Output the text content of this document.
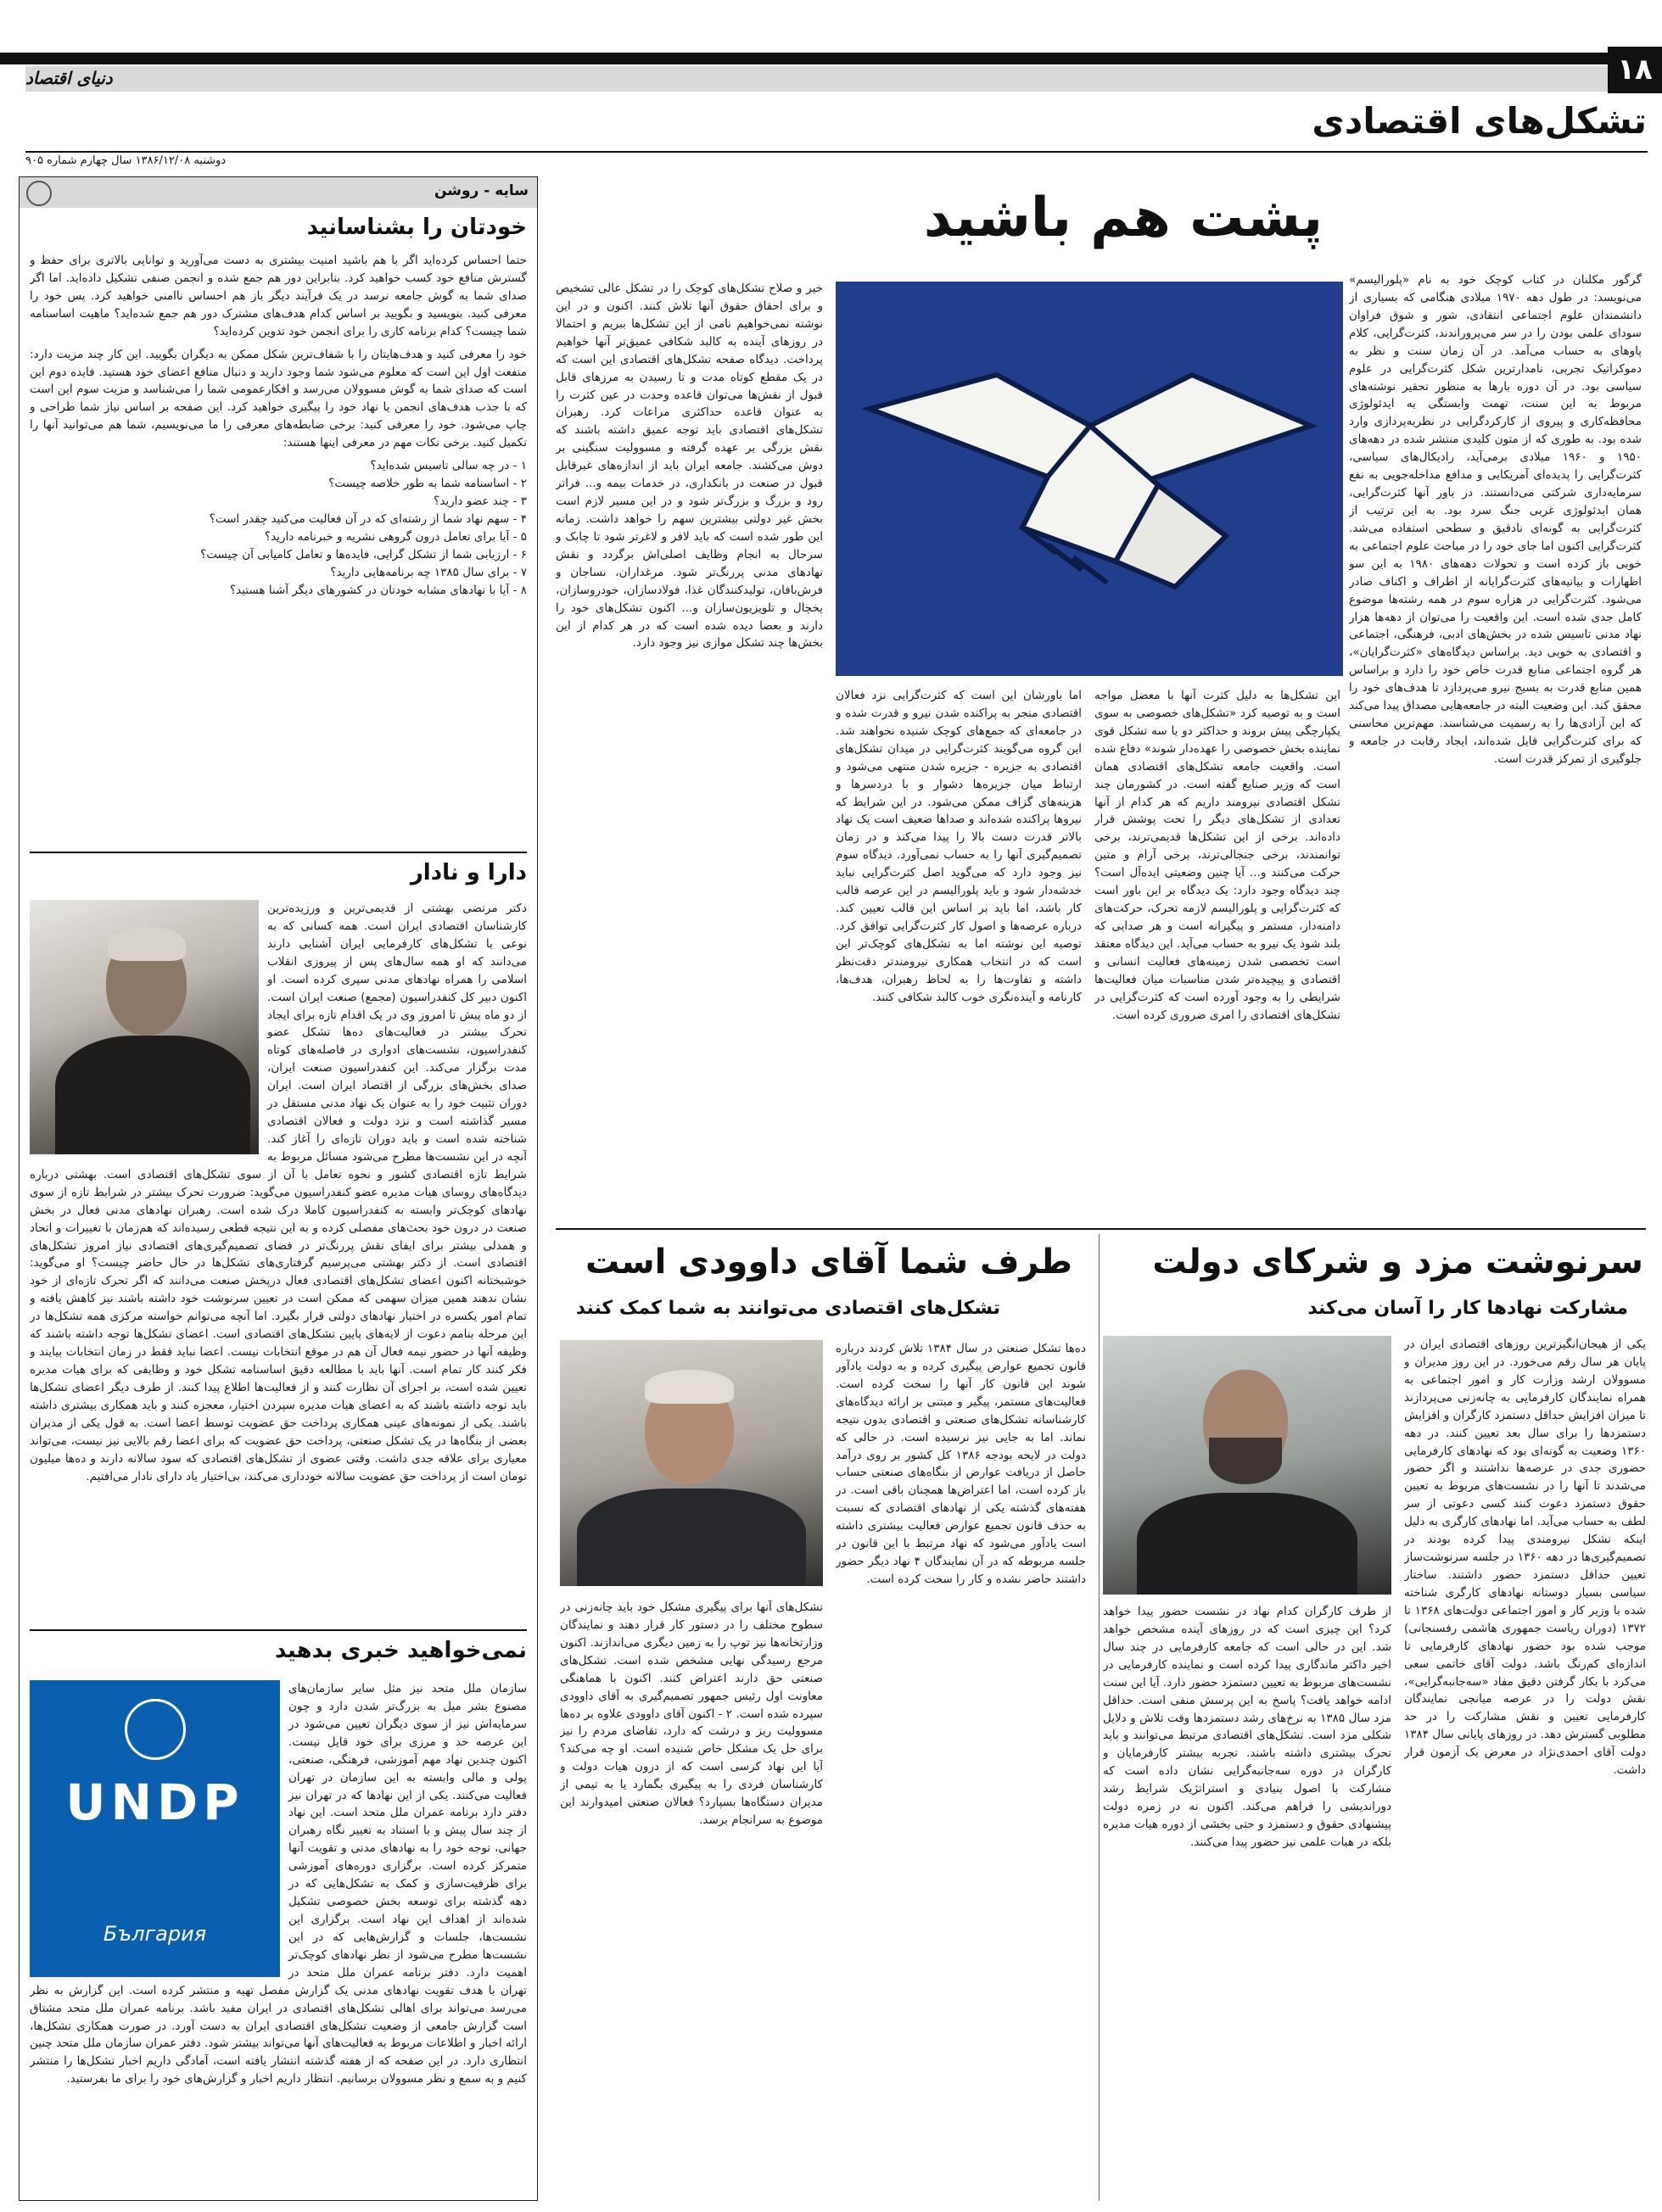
۱۸
دنیای اقتصاد
تشکل‌های اقتصادی
دوشنبه ۱۳۸۶/۱۲/۰۸ سال چهارم شماره ۹۰۵
سایه - روشن
خودتان را بشناسانید

حتما احساس کرده‌اید اگر با هم باشید امنیت بیشتری به دست می‌آورید و توانایی بالاتری برای حفظ و گسترش منافع خود کسب خواهید کرد. بنابراین دور هم جمع شده و انجمن صنفی تشکیل داده‌اید. اما اگر صدای شما به گوش جامعه نرسد در یک فرآیند دیگر باز هم احساس ناامنی خواهید کرد. پس خود را معرفی کنید. بنویسید و بگویید بر اساس کدام هدف‌های مشترک دور هم جمع شده‌اید؟ ماهیت اساسنامه شما چیست؟ کدام برنامه کاری را برای انجمن خود تدوین کرده‌اید؟

خود را معرفی کنید و هدف‌هایتان را با شفاف‌ترین شکل ممکن به دیگران بگویید. این کار چند مزیت دارد: منفعت اول این است که معلوم می‌شود شما وجود دارید و دنبال منافع اعضای خود هستید. فایده دوم این است که صدای شما به گوش مسوولان می‌رسد و افکارعمومی شما را می‌شناسد و مزیت سوم این است که با جذب هدف‌های انجمن یا نهاد خود را پیگیری خواهید کرد. این صفحه بر اساس نیاز شما طراحی و چاپ می‌شود. خود را معرفی کنید: برخی ضابطه‌های معرفی را ما می‌نویسیم، شما هم می‌توانید آنها را تکمیل کنید. برخی نکات مهم در معرفی اینها هستند:

۱ - در چه سالی تاسیس شده‌اید؟
۲ - اساسنامه شما به طور خلاصه چیست؟
۳ - چند عضو دارید؟
۴ - سهم نهاد شما از رشته‌ای که در آن فعالیت می‌کنید چقدر است؟
۵ - آیا برای تعامل درون گروهی نشریه و خبرنامه دارید؟
۶ - ارزیابی شما از تشکل گرایی، فایده‌ها و تعامل کامیابی آن چیست؟
۷ - برای سال ۱۳۸۵ چه برنامه‌هایی دارید؟
۸ - آیا با نهادهای مشابه خودتان در کشورهای دیگر آشنا هستید؟
دارا و نادار

دکتر مرتضی بهشتی از قدیمی‌ترین و ورزیده‌ترین کارشناسان اقتصادی ایران است. همه کسانی که به نوعی با تشکل‌های کارفرمایی ایران آشنایی دارند می‌دانند که او همه سال‌های پس از پیروزی انقلاب اسلامی را همراه نهادهای مدنی سپری کرده است. او اکنون دبیر کل کنفدراسیون (مجمع) صنعت ایران است. از دو ماه پیش تا امروز وی در یک اقدام تازه برای ایجاد تحرک بیشتر در فعالیت‌های ده‌ها تشکل عضو کنفدراسیون، نشست‌های ادواری در فاصله‌های کوتاه مدت برگزار می‌کند. این کنفدراسیون صنعت ایران، صدای بخش‌های بزرگی از اقتصاد ایران است. ایران دوران تثبیت خود را به عنوان یک نهاد مدنی مستقل در مسیر گذاشته است و نزد دولت و فعالان اقتصادی شناخته شده است و باید دوران تازه‌ای را آغاز کند. آنچه در این نشست‌ها مطرح می‌شود مسائل مربوط به شرایط تازه اقتصادی کشور و نحوه تعامل با آن از سوی تشکل‌های اقتصادی است. بهشتی درباره دیدگاه‌های روسای هیات مدیره عضو کنفدراسیون می‌گوید: ضرورت تحرک بیشتر در شرایط تازه از سوی نهادهای کوچک‌تر وابسته به کنفدراسیون کاملا درک شده است. رهبران نهادهای مدنی فعال در بخش صنعت در درون خود بحث‌های مفصلی کرده و به این نتیجه قطعی رسیده‌اند که هم‌زمان با تغییرات و اتحاد و همدلی بیشتر برای ایفای نقش پررنگ‌تر در فضای تصمیم‌گیری‌های اقتصادی نیاز امروز تشکل‌های اقتصادی است. از دکتر بهشتی می‌پرسیم گرفتاری‌های تشکل‌ها در حال حاضر چیست؟ او می‌گوید: خوشبختانه اکنون اعضای تشکل‌های اقتصادی فعال درپخش صنعت می‌دانند که اگر تحرک تازه‌ای از خود نشان ندهند همین میزان سهمی که ممکن است در تعیین سرنوشت خود داشته باشند نیز کاهش یافته و تمام امور یکسره در اختیار نهادهای دولتی قرار بگیرد. اما آنچه می‌توانم خواسته مرکزی همه تشکل‌ها در این مرحله بنامم دعوت از لایه‌های پایین تشکل‌های اقتصادی است. اعضای تشکل‌ها توجه داشته باشند که وظیفه آنها در حضور نیمه فعال آن هم در موقع انتخابات نیست. اعضا نباید فقط در زمان انتخابات بیایند و فکر کنند کار تمام است. آنها باید با مطالعه دقیق اساسنامه تشکل خود و وظایفی که برای هیات مدیره تعیین شده است، بر اجرای آن نظارت کنند و از فعالیت‌ها اطلاع پیدا کنند. از طرف دیگر اعضای تشکل‌ها باید توجه داشته باشند که به اعضای هیات مدیره سپردن اختیار، معجزه کنند و باید همکاری بیشتری داشته باشند. یکی از نمونه‌های عینی همکاری پرداخت حق عضویت توسط اعضا است. به قول یکی از مدیران بعضی از بنگاه‌ها در یک تشکل صنعتی، پرداخت حق عضویت که برای اعضا رقم بالایی نیز نیست، می‌تواند معیاری برای علاقه جدی داشت. وقتی عضوی از تشکل‌های اقتصادی که سود سالانه دارند و ده‌ها میلیون تومان است از پرداخت حق عضویت سالانه خودداری می‌کند، بی‌اختیار یاد دارای نادار می‌افتیم.

نمی‌خواهید خبری بدهید
UNDP
България

سازمان ملل متحد نیز مثل سایر سازمان‌های مصنوع بشر میل به بزرگ‌تر شدن دارد و چون سرمایه‌اش نیز از سوی دیگران تعیین می‌شود در این عرصه حد و مرزی برای خود قایل نیست. اکنون چندین نهاد مهم آموزشی، فرهنگی، صنعتی، پولی و مالی وابسته به این سازمان در تهران فعالیت می‌کنند. یکی از این نهادها که در تهران نیز دفتر دارد برنامه عمران ملل متحد است. این نهاد از چند سال پیش و با استناد به تغییر نگاه رهبران جهانی، توجه خود را به نهادهای مدنی و تقویت آنها متمرکز کرده است. برگزاری دوره‌های آموزشی برای ظرفیت‌سازی و کمک به تشکل‌هایی که در دهه گذشته برای توسعه بخش خصوصی تشکیل شده‌اند از اهداف این نهاد است. برگزاری این نشست‌ها، جلسات و گزارش‌هایی که در این نشست‌ها مطرح می‌شود از نظر نهادهای کوچک‌تر اهمیت دارد. دفتر برنامه عمران ملل متحد در تهران با هدف تقویت نهادهای مدنی یک گزارش مفصل تهیه و منتشر کرده است. این گزارش به نظر می‌رسد می‌تواند برای اهالی تشکل‌های اقتصادی در ایران مفید باشد. برنامه عمران ملل متحد مشتاق است گزارش جامعی از وضعیت تشکل‌های اقتصادی ایران به دست آورد. در صورت همکاری تشکل‌ها، ارائه اخبار و اطلاعات مربوط به فعالیت‌های آنها می‌تواند بیشتر شود. دفتر عمران سازمان ملل متحد چنین انتظاری دارد. در این صفحه که از هفته گذشته انتشار یافته است، آمادگی داریم اخبار تشکل‌ها را منتشر کنیم و به سمع و نظر مسوولان برسانیم. انتظار داریم اخبار و گزارش‌های خود را برای ما بفرستید.

پشت هم باشید
گرگور مکلنان در کتاب کوچک خود به نام «پلورالیسم» می‌نویسد: در طول دهه ۱۹۷۰ میلادی هنگامی که بسیاری از دانشمندان علوم اجتماعی انتقادی، شور و شوق فراوان سودای علمی بودن را در سر می‌پروراندند، کثرت‌گرایی، کلام پاوهای به حساب می‌آمد. در آن زمان سنت و نظر به دموکراتیک تجربی، نامدارترین شکل کثرت‌گرایی در علوم سیاسی بود. در آن دوره بارها به منظور تحقیر نوشته‌های مربوط به این سنت، تهمت وابستگی به ایدئولوژی محافظه‌کاری و پیروی از کارکردگرایی در نظریه‌پردازی وارد شده بود. به طوری که از متون کلیدی منتشر شده در دهه‌های ۱۹۵۰ و ۱۹۶۰ میلادی برمی‌آید، رادیکال‌های سیاسی، کثرت‌گرایی را پدیده‌ای آمریکایی و مدافع مداخله‌جویی به نفع سرمایه‌داری شرکتی می‌دانستند. در باور آنها کثرت‌گرایی، همان ایدئولوژی غربی جنگ سرد بود. به این ترتیب از کثرت‌گرایی به گونه‌ای نادقیق و سطحی استفاده می‌شد. کثرت‌گرایی اکنون اما جای خود را در مباحث علوم اجتماعی به خوبی باز کرده است و تحولات دهه‌های ۱۹۸۰ به این سو اظهارات و بیانیه‌های کثرت‌گرایانه از اطراف و اکناف صادر می‌شود. کثرت‌گرایی در هزاره سوم در همه رشته‌ها موضوع کامل جدی شده است. این واقعیت را می‌توان از دهه‌ها هزار نهاد مدنی تاسیس شده در بخش‌های ادبی، فرهنگی، اجتماعی و اقتصادی به خوبی دید. براساس دیدگاه‌های «کثرت‌گرایان»، هر گروه اجتماعی منابع قدرت خاص خود را دارد و براساس همین منابع قدرت به بسیج نیرو می‌پردازد تا هدف‌های خود را محقق کند. این وضعیت البته در جامعه‌هایی مصداق پیدا می‌کند که این آزادی‌ها را به رسمیت می‌شناسند. مهم‌ترین محاسنی که برای کثرت‌گرایی قایل شده‌اند، ایجاد رقابت در جامعه و جلوگیری از تمرکز قدرت است.
این تشکل‌ها به دلیل کثرت آنها با معضل مواجه است و به توصیه کرد «تشکل‌های خصوصی به سوی یکپارچگی پیش بروند و حداکثر دو یا سه تشکل قوی نماینده بخش خصوصی را عهده‌دار شوند» دفاع شده است. واقعیت جامعه تشکل‌های اقتصادی همان است که وزیر صنایع گفته است. در کشورمان چند تشکل اقتصادی نیرومند داریم که هر کدام از آنها تعدادی از تشکل‌های دیگر را تحت پوشش قرار داده‌اند. برخی از این تشکل‌ها قدیمی‌ترند، برخی توانمندند، برخی جنجالی‌ترند، برخی آرام و متین حرکت می‌کنند و... آیا چنین وضعیتی ایده‌آل است؟ چند دیدگاه وجود دارد: یک دیدگاه بر این باور است که کثرت‌گرایی و پلورالیسم لازمه تحرک، حرکت‌های دامنه‌دار، مستمر و پیگیرانه است و هر صدایی که بلند شود یک نیرو به حساب می‌آید. این دیدگاه معتقد است تخصصی شدن زمینه‌های فعالیت انسانی و اقتصادی و پیچیده‌تر شدن مناسبات میان فعالیت‌ها شرایطی را به وجود آورده است که کثرت‌گرایی در تشکل‌های اقتصادی را امری ضروری کرده است.
اما باورشان این است که کثرت‌گرایی نزد فعالان اقتصادی منجر به پراکنده شدن نیرو و قدرت شده و در جامعه‌ای که جمع‌های کوچک شنیده نخواهند شد. این گروه می‌گویند کثرت‌گرایی در میدان تشکل‌های اقتصادی به جزیره - جزیره شدن منتهی می‌شود و ارتباط میان جزیره‌ها دشوار و با دردسرها و هزینه‌های گزاف ممکن می‌شود. در این شرایط که نیروها پراکنده شده‌اند و صداها ضعیف است یک نهاد بالاتر قدرت دست بالا را پیدا می‌کند و در زمان تصمیم‌گیری آنها را به حساب نمی‌آورد. دیدگاه سوم نیز وجود دارد که می‌گوید اصل کثرت‌گرایی نباید خدشه‌دار شود و باید پلورالیسم در این عرصه قالب کار باشد، اما باید بر اساس این قالب تعیین کند. درباره عرصه‌ها و اصول کار کثرت‌گرایی توافق کرد. توصیه این نوشته اما به تشکل‌های کوچک‌تر این است که در انتخاب همکاری نیرومندتر دقت‌نظر داشته و تفاوت‌ها را به لحاظ رهبران، هدف‌ها، کارنامه و آینده‌نگری خوب کالبد شکافی کنند.
خیر و صلاح تشکل‌های کوچک را در تشکل عالی تشخیص و برای احقاق حقوق آنها تلاش کنند. اکنون و در این نوشته نمی‌خواهیم نامی از این تشکل‌ها ببریم و احتمالا در روزهای آینده به کالبد شکافی عمیق‌تر آنها خواهیم پرداخت. دیدگاه صفحه تشکل‌های اقتصادی این است که در یک مقطع کوتاه مدت و تا رسیدن به مرزهای قابل قبول از نقش‌ها می‌توان قاعده وحدت در عین کثرت را به عنوان قاعده حداکثری مراعات کرد. رهبران تشکل‌های اقتصادی باید توجه عمیق داشته باشند که نقش بزرگی بر عهده گرفته و مسوولیت سنگینی بر دوش می‌کشند. جامعه ایران باید از اندازه‌های غیرقابل قبول در صنعت در بانکداری، در خدمات بیمه و... فراتر رود و بزرگ و بزرگ‌تر شود و در این مسیر لازم است بخش غیر دولتی بیشترین سهم را خواهد داشت. زمانه این طور شده است که باید لافر و لاغرتر شود تا چابک و سرحال به انجام وظایف اصلی‌اش برگردد و نقش نهادهای مدنی پررنگ‌تر شود. مرغداران، نساجان و فرش‌بافان، تولیدکنندگان غذا، فولادسازان، خودروسازان، یخچال و تلویزیون‌سازان و... اکنون تشکل‌های خود را دارند و بعضا دیده شده است که در هر کدام از این بخش‌ها چند تشکل موازی نیز وجود دارد.
سرنوشت مزد و شرکای دولت
مشارکت نهادها کار را آسان می‌کند
یکی از هیجان‌انگیزترین روزهای اقتصادی ایران در پایان هر سال رقم می‌خورد. در این روز مدیران و مسوولان ارشد وزارت کار و امور اجتماعی به همراه نمایندگان کارفرمایی به چانه‌زنی می‌پردازند تا میزان افزایش حداقل دستمزد کارگران و افزایش دستمزدها را برای سال بعد تعیین کنند. در دهه ۱۳۶۰ وضعیت به گونه‌ای بود که نهادهای کارفرمایی حضوری جدی در عرصه‌ها نداشتند و اگر حضور می‌شدند تا آنها را در نشست‌های مربوط به تعیین حقوق دستمزد دعوت کنند کسی دعوتی از سر لطف به حساب می‌آید. اما نهادهای کارگری به دلیل اینکه تشکل نیرومندی پیدا کرده بودند در تصمیم‌گیری‌ها در دهه ۱۳۶۰ در جلسه سرنوشت‌ساز تعیین حداقل دستمزد حضور داشتند. ساختار سیاسی بسیار دوستانه نهادهای کارگری شناخته شده با وزیر کار و امور اجتماعی دولت‌های ۱۳۶۸ تا ۱۳۷۲ (دوران ریاست جمهوری هاشمی رفسنجانی) موجب شده بود حضور نهادهای کارفرمایی تا اندازه‌ای کم‌رنگ باشد. دولت آقای خاتمی سعی می‌کرد با بکار گرفتن دقیق مفاد «سه‌جانبه‌گرایی»، نقش دولت را در عرصه میانجی نمایندگان کارفرمایی تعیین و نقش مشارکت را در حد مطلوبی گسترش دهد. در روزهای پایانی سال ۱۳۸۴ دولت آقای احمدی‌نژاد در معرض یک آزمون قرار داشت.
از طرف کارگران کدام نهاد در نشست حضور پیدا خواهد کرد؟ این چیزی است که در روزهای آینده مشخص خواهد شد. این در حالی است که جامعه کارفرمایی در چند سال اخیر داکتر ماندگاری پیدا کرده است و نماینده کارفرمایی در نشست‌های مربوط به تعیین دستمزد حضور دارد. آیا این سنت ادامه خواهد یافت؟ پاسخ به این پرسش منفی است. حداقل مزد سال ۱۳۸۵ به نرخ‌های رشد دستمزدها وقت تلاش و دلایل شکلی مزد است. تشکل‌های اقتصادی مرتبط می‌توانند و باید تحرک بیشتری داشته باشند. تجربه بیشتر کارفرمایان و کارگران در دوره سه‌جانبه‌گرایی نشان داده است که مشارکت با اصول بنیادی و استراتژیک شرایط رشد دوراندیشی را فراهم می‌کند. اکنون نه در زمره دولت پیشنهادی حقوق و دستمزد و حتی بخشی از دوره هیات مدیره بلکه در هیات علمی نیز حضور پیدا می‌کنند.
طرف شما آقای داوودی است
تشکل‌های اقتصادی می‌توانند به شما کمک کنند
ده‌ها تشکل صنعتی در سال ۱۳۸۴ تلاش کردند درباره قانون تجمیع عوارض پیگیری کرده و به دولت یادآور شوند این قانون کار آنها را سخت کرده است. فعالیت‌های مستمر، پیگیر و مبتنی بر ارائه دیدگاه‌های کارشناسانه تشکل‌های صنعتی و اقتصادی بدون نتیجه نماند. اما به جایی نیز نرسیده است. در حالی که دولت در لایحه بودجه ۱۳۸۶ کل کشور بر روی درآمد حاصل از دریافت عوارض از بنگاه‌های صنعتی حساب باز کرده است، اما اعتراض‌ها همچنان باقی است. در هفته‌های گذشته یکی از نهادهای اقتصادی که نسبت به حذف قانون تجمیع عوارض فعالیت بیشتری داشته است یادآور می‌شود که نهاد مرتبط با این قانون در جلسه مربوطه که در آن نمایندگان ۴ نهاد دیگر حضور داشتند حاضر نشده و کار را سخت کرده است.
تشکل‌های آنها برای پیگیری مشکل خود باید چانه‌زنی در سطوح مختلف را در دستور کار قرار دهند و نمایندگان وزارتخانه‌ها نیز توپ را به زمین دیگری می‌اندازند. اکنون مرجع رسیدگی نهایی مشخص شده است. تشکل‌های صنعتی حق دارند اعتراض کنند. اکنون با هماهنگی معاونت اول رئیس جمهور تصمیم‌گیری به آقای داوودی سپرده شده است. ۲ - اکنون آقای داوودی علاوه بر ده‌ها مسوولیت ریز و درشت که دارد، تقاضای مردم را نیز برای حل یک مشکل خاص شنیده است. او چه می‌کند؟ آیا این نهاد کرسی است که از درون هیات دولت و کارشناسان فردی را به پیگیری بگمارد یا به تیمی از مدیران دستگاه‌ها بسپارد؟ فعالان صنعتی امیدوارند این موضوع به سرانجام برسد.
